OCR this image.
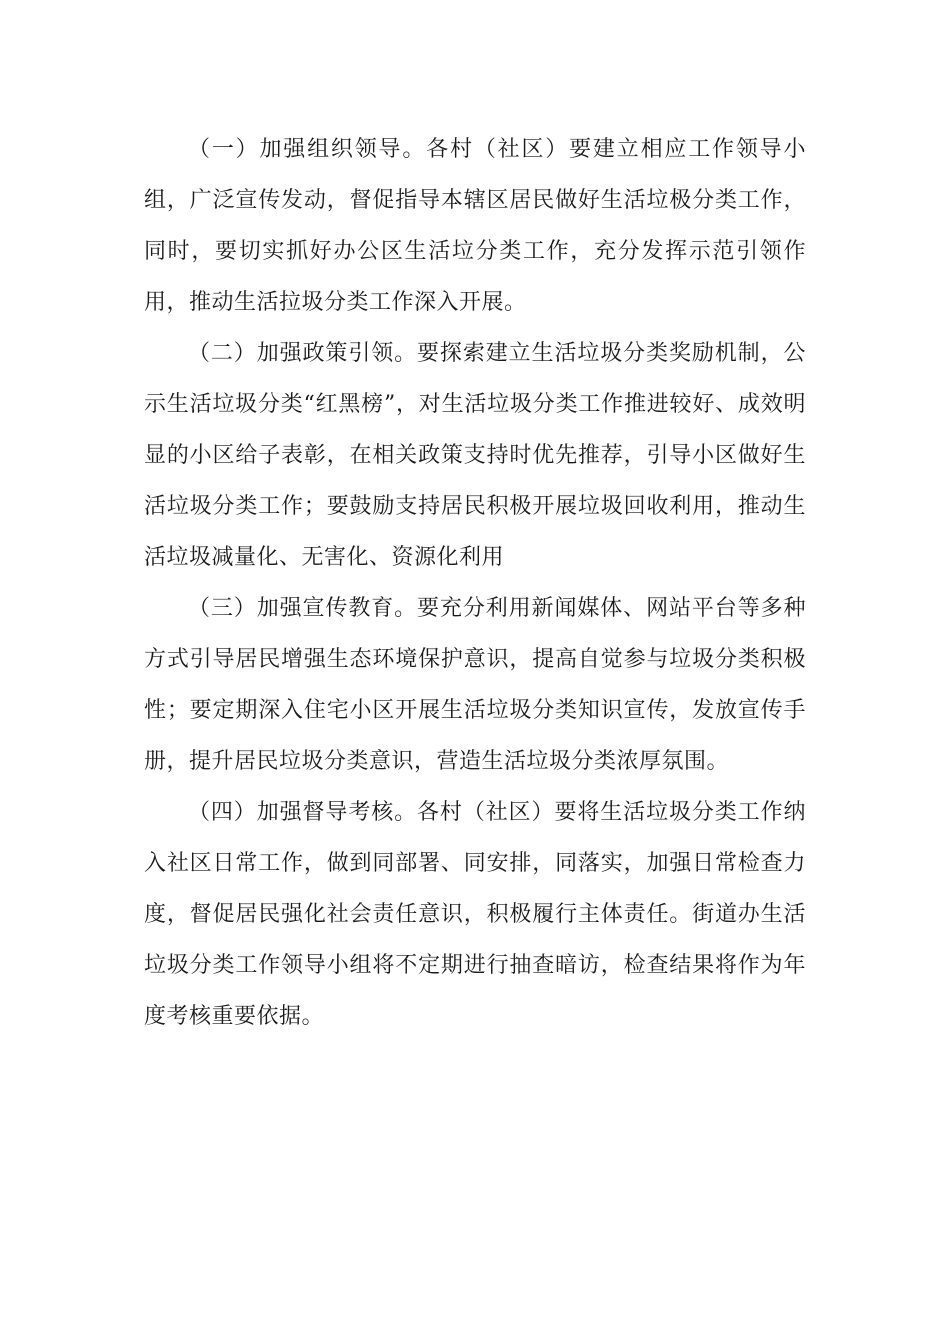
（一）加强组织领导。各村（社区）要建立相应工作领导小组，广泛宣传发动，督促指导本辖区居民做好生活垃极分类工作，同时，要切实抓好办公区生活垃分类工作，充分发挥示范引领作用，推动生活拉圾分类工作深入开展。

（二）加强政策引领。要探索建立生活垃圾分类奖励机制，公示生活垃圾分类“红黑榜”，对生活垃圾分类工作推进较好、成效明显的小区给子表彰，在相关政策支持时优先推荐，引导小区做好生活垃圾分类工作；要鼓励支持居民积极开展垃圾回收利用，推动生活垃圾减量化、无害化、资源化利用

（三）加强宣传教育。要充分利用新闻媒体、网站平台等多种方式引导居民增强生态环境保护意识，提高自觉参与垃圾分类积极性；要定期深入住宅小区开展生活垃圾分类知识宣传，发放宣传手册，提升居民垃圾分类意识，营造生活垃圾分类浓厚氛围。

（四）加强督导考核。各村（社区）要将生活垃圾分类工作纳入社区日常工作，做到同部署、同安排，同落实，加强日常检查力度，督促居民强化社会责任意识，积极履行主体责任。街道办生活垃圾分类工作领导小组将不定期进行抽查暗访，检查结果将作为年度考核重要依据。
